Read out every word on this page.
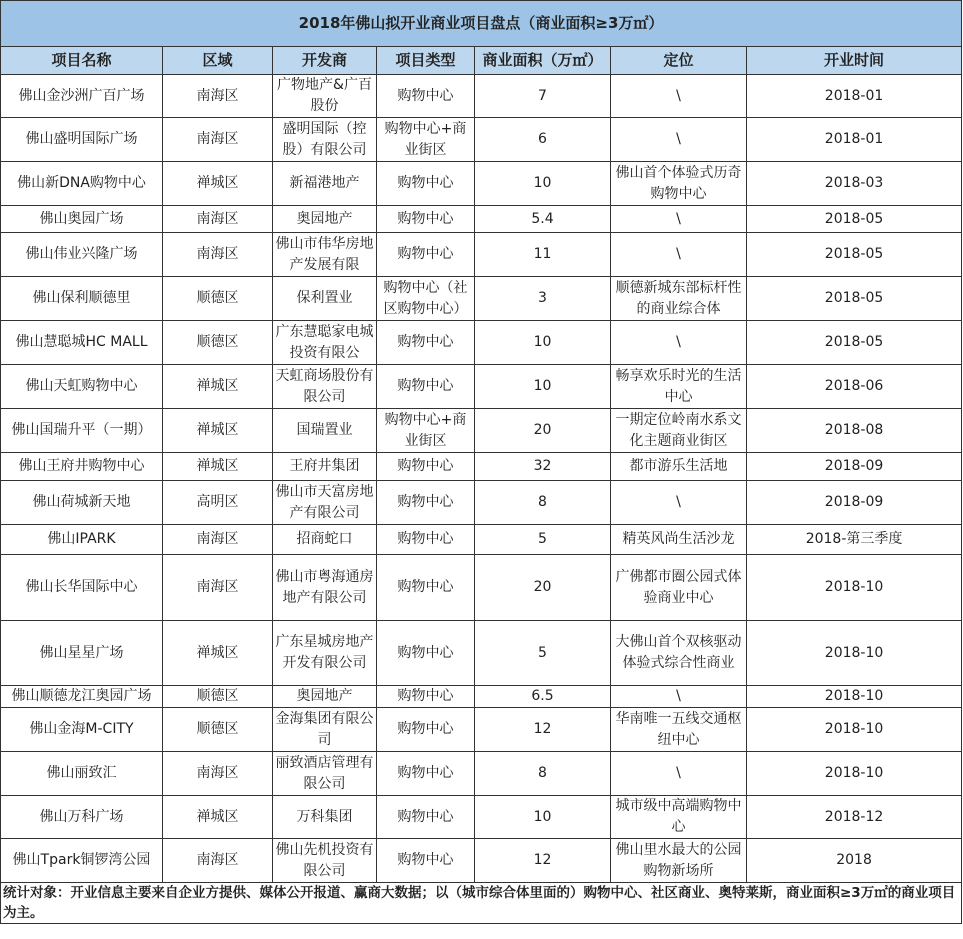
2018年佛山拟开业商业项目盘点（商业面积≥3万㎡）						
项目名称	区域	开发商	项目类型	商业面积（万㎡）	定位	开业时间
佛山金沙洲广百广场	南海区	广物地产&广百股份	购物中心	7	\	2018-01
佛山盛明国际广场	南海区	盛明国际（控股）有限公司	购物中心+商业街区	6	\	2018-01
佛山新DNA购物中心	禅城区	新福港地产	购物中心	10	佛山首个体验式历奇购物中心	2018-03
佛山奥园广场	南海区	奥园地产	购物中心	5.4	\	2018-05
佛山伟业兴隆广场	南海区	佛山市伟华房地产发展有限	购物中心	11	\	2018-05
佛山保利顺德里	顺德区	保利置业	购物中心（社区购物中心）	3	顺德新城东部标杆性的商业综合体	2018-05
佛山慧聪城HC MALL	顺德区	广东慧聪家电城投资有限公	购物中心	10	\	2018-05
佛山天虹购物中心	禅城区	天虹商场股份有限公司	购物中心	10	畅享欢乐时光的生活中心	2018-06
佛山国瑞升平（一期）	禅城区	国瑞置业	购物中心+商业街区	20	一期定位岭南水系文化主题商业街区	2018-08
佛山王府井购物中心	禅城区	王府井集团	购物中心	32	都市游乐生活地	2018-09
佛山荷城新天地	高明区	佛山市天富房地产有限公司	购物中心	8	\	2018-09
佛山IPARK	南海区	招商蛇口	购物中心	5	精英风尚生活沙龙	2018-第三季度
佛山长华国际中心	南海区	佛山市粤海通房地产有限公司	购物中心	20	广佛都市圈公园式体验商业中心	2018-10
佛山星星广场	禅城区	广东星城房地产开发有限公司	购物中心	5	大佛山首个双核驱动体验式综合性商业	2018-10
佛山顺德龙江奥园广场	顺德区	奥园地产	购物中心	6.5	\	2018-10
佛山金海M-CITY	顺德区	金海集团有限公司	购物中心	12	华南唯一五线交通枢纽中心	2018-10
佛山丽致汇	南海区	丽致酒店管理有限公司	购物中心	8	\	2018-10
佛山万科广场	禅城区	万科集团	购物中心	10	城市级中高端购物中心	2018-12
佛山Tpark铜锣湾公园	南海区	佛山先机投资有限公司	购物中心	12	佛山里水最大的公园购物新场所	2018
统计对象：开业信息主要来自企业方提供、媒体公开报道、赢商大数据；以（城市综合体里面的）购物中心、社区商业、奥特莱斯，商业面积≥3万㎡的商业项目为主。						
